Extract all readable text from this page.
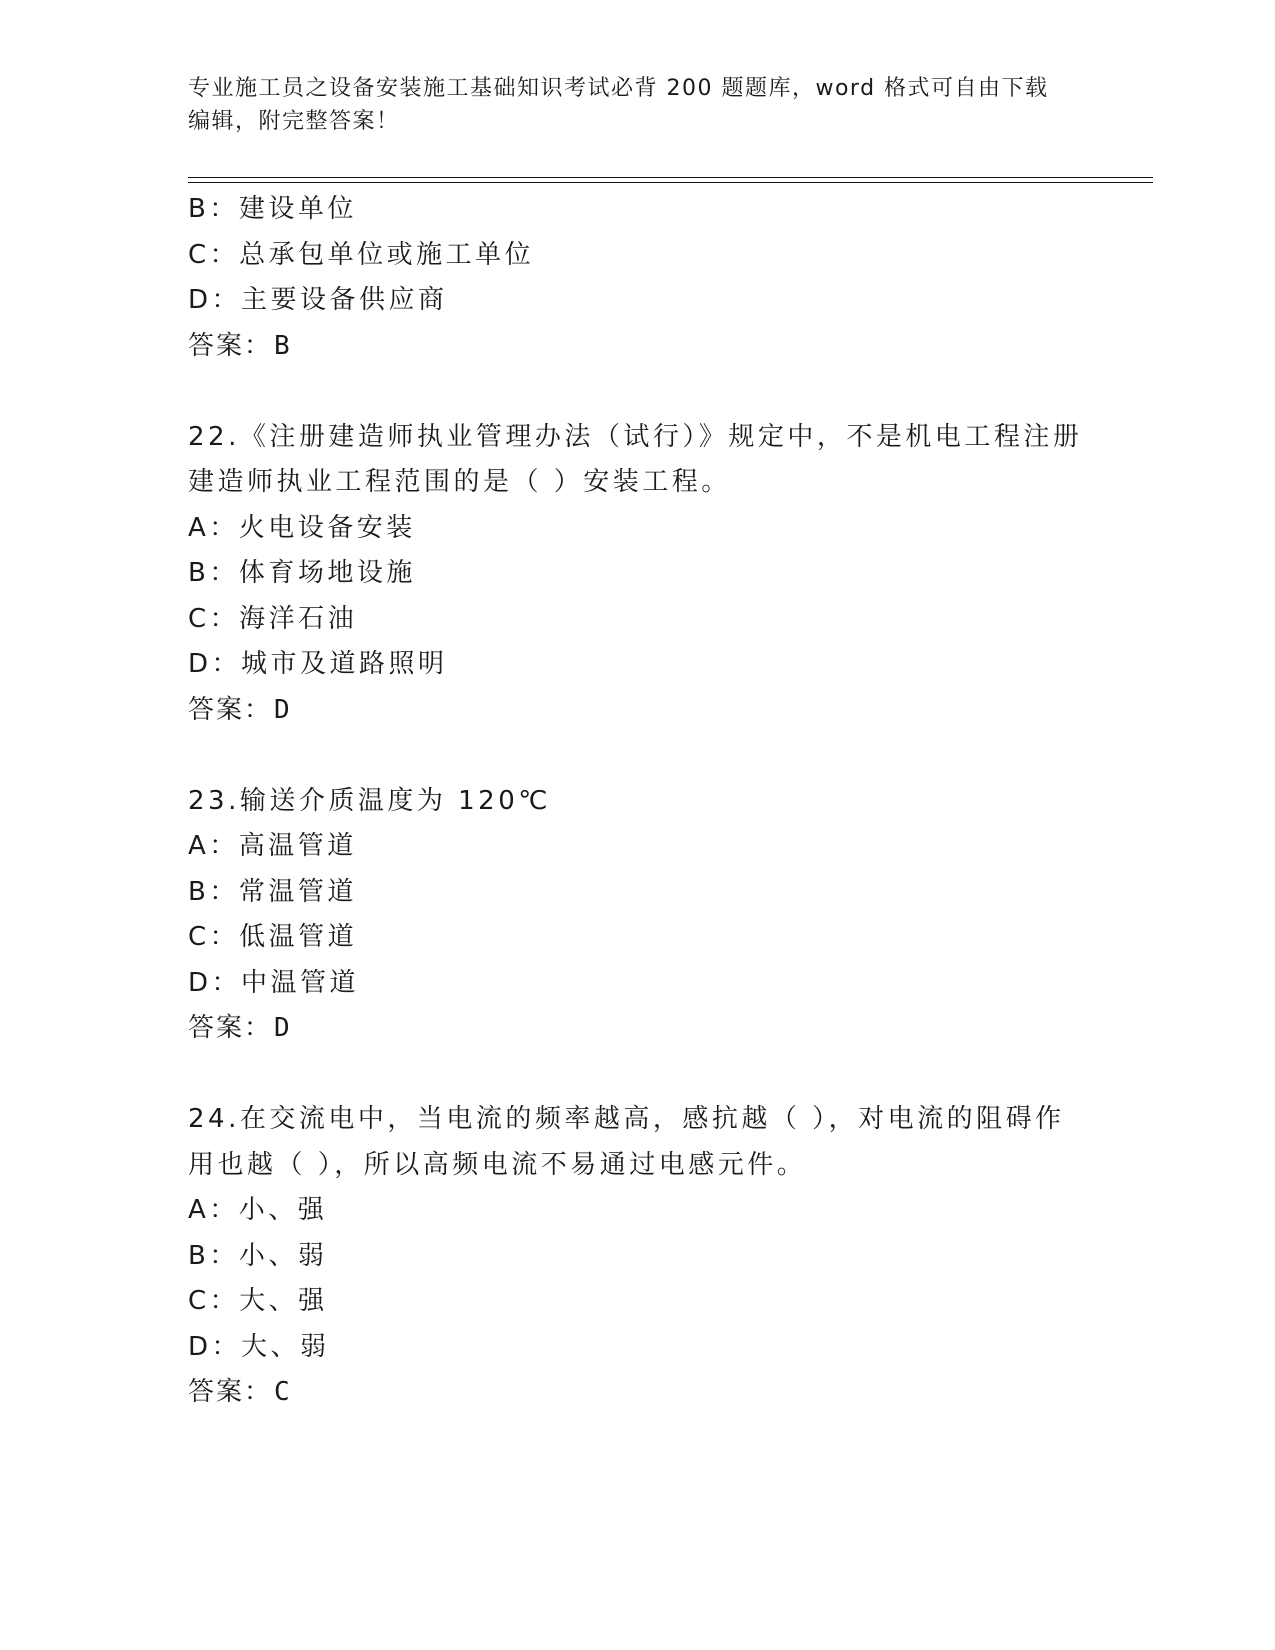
专业施工员之设备安装施工基础知识考试必背 200 题题库，word 格式可自由下载
编辑，附完整答案！
B：建设单位
C：总承包单位或施工单位
D：主要设备供应商
答案：B
22.《注册建造师执业管理办法（试行）》规定中，不是机电工程注册
建造师执业工程范围的是（ ）安装工程。
A：火电设备安装
B：体育场地设施
C：海洋石油
D：城市及道路照明
答案：D
23.输送介质温度为 120℃
A：高温管道
B：常温管道
C：低温管道
D：中温管道
答案：D
24.在交流电中，当电流的频率越高，感抗越（ ），对电流的阻碍作
用也越（ ），所以高频电流不易通过电感元件。
A：小、强
B：小、弱
C：大、强
D：大、弱
答案：C
